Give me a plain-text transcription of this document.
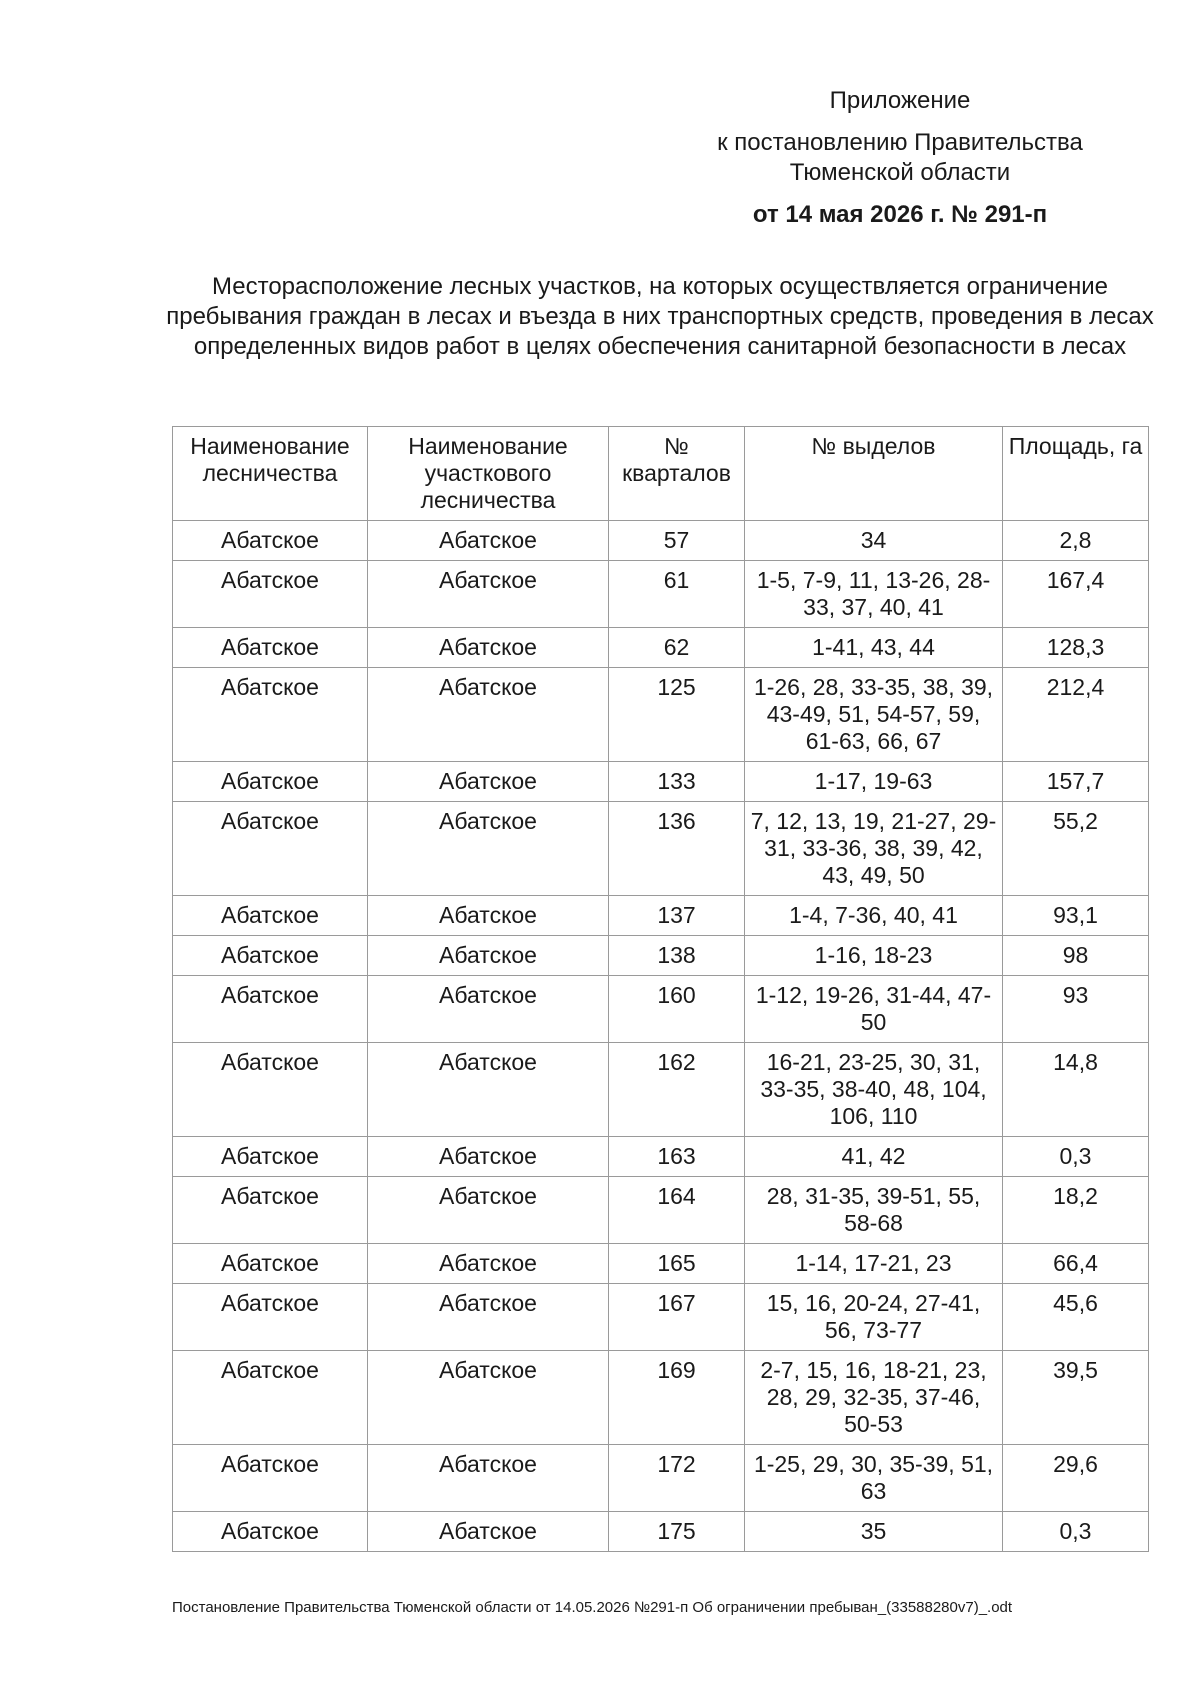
Приложение
к постановлению Правительства
Тюменской области
от 14 мая 2026 г. № 291-п
Месторасположение лесных участков, на которых осуществляется ограничение пребывания граждан в лесах и въезда в них транспортных средств, проведения в лесах определенных видов работ в целях обеспечения санитарной безопасности в лесах
Наименование лесничества	Наименование участкового лесничества	№ кварталов	№ выделов	Площадь, га
Абатское	Абатское	57	34	2,8
Абатское	Абатское	61	1-5, 7-9, 11, 13-26, 28-33, 37, 40, 41	167,4
Абатское	Абатское	62	1-41, 43, 44	128,3
Абатское	Абатское	125	1-26, 28, 33-35, 38, 39, 43-49, 51, 54-57, 59, 61-63, 66, 67	212,4
Абатское	Абатское	133	1-17, 19-63	157,7
Абатское	Абатское	136	7, 12, 13, 19, 21-27, 29-31, 33-36, 38, 39, 42, 43, 49, 50	55,2
Абатское	Абатское	137	1-4, 7-36, 40, 41	93,1
Абатское	Абатское	138	1-16, 18-23	98
Абатское	Абатское	160	1-12, 19-26, 31-44, 47-50	93
Абатское	Абатское	162	16-21, 23-25, 30, 31, 33-35, 38-40, 48, 104, 106, 110	14,8
Абатское	Абатское	163	41, 42	0,3
Абатское	Абатское	164	28, 31-35, 39-51, 55, 58-68	18,2
Абатское	Абатское	165	1-14, 17-21, 23	66,4
Абатское	Абатское	167	15, 16, 20-24, 27-41, 56, 73-77	45,6
Абатское	Абатское	169	2-7, 15, 16, 18-21, 23, 28, 29, 32-35, 37-46, 50-53	39,5
Абатское	Абатское	172	1-25, 29, 30, 35-39, 51, 63	29,6
Абатское	Абатское	175	35	0,3
Постановление Правительства Тюменской области от 14.05.2026 №291-п Об ограничении пребыван_(33588280v7)_.odt
